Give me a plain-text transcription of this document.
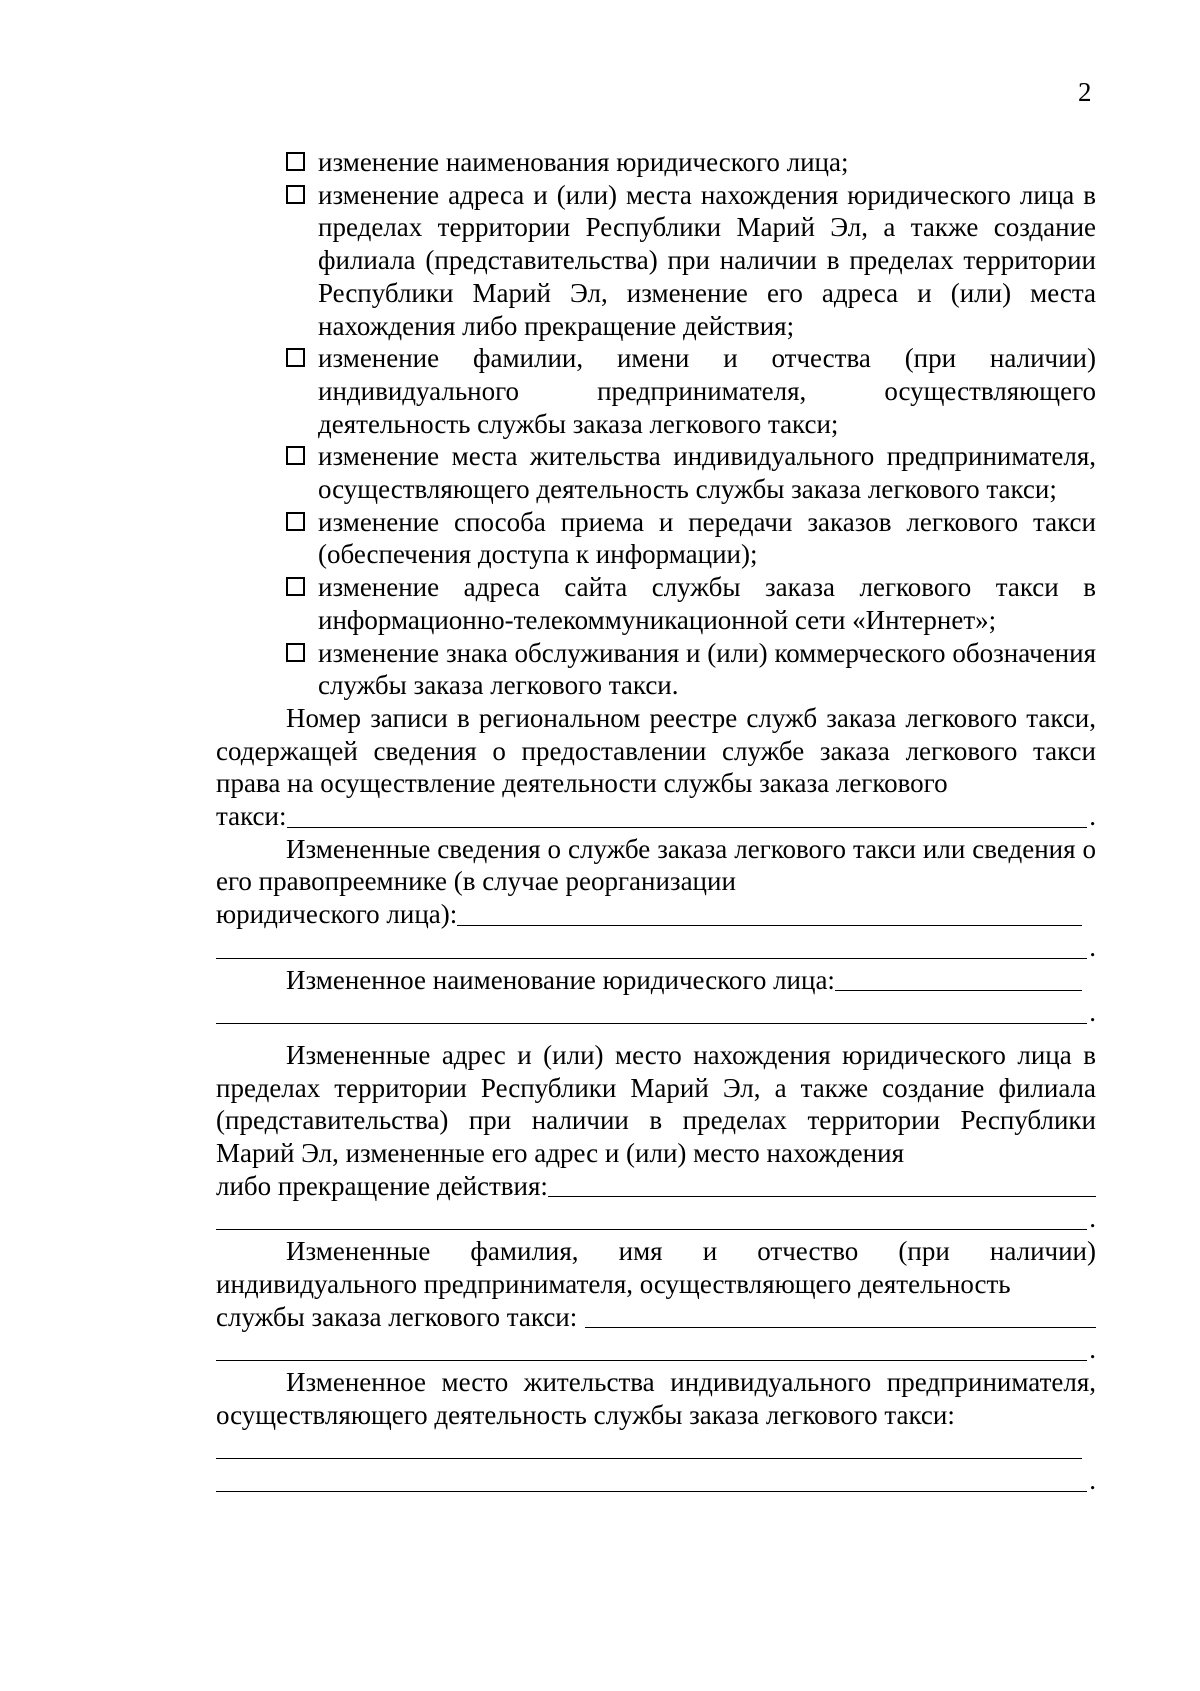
2
изменение наименования юридического лица;
изменение адреса и (или) места нахождения юридического лица в пределах территории Республики Марий Эл, а также создание филиала (представительства) при наличии в пределах территории Республики Марий Эл, изменение его адреса и (или) места нахождения либо прекращение действия;
изменение фамилии, имени и отчества (при наличии) индивидуального предпринимателя, осуществляющего деятельность службы заказа легкового такси;
изменение места жительства индивидуального предпринимателя, осуществляющего деятельность службы заказа легкового такси;
изменение способа приема и передачи заказов легкового такси (обеспечения доступа к информации);
изменение адреса сайта службы заказа легкового такси в информационно-телекоммуникационной сети «Интернет»;
изменение знака обслуживания и (или) коммерческого обозначения службы заказа легкового такси.
Номер записи в региональном реестре служб заказа легкового такси, содержащей сведения о предоставлении службе заказа легкового такси права на осуществление деятельности службы заказа легкового
такси:	.
Измененные сведения о службе заказа легкового такси или сведения о его правопреемнике (в случае реорганизации
юридического лица):
.
Измененное наименование юридического лица:
.
Измененные адрес и (или) место нахождения юридического лица в пределах территории Республики Марий Эл, а также создание филиала (представительства) при наличии в пределах территории Республики Марий Эл, измененные его адрес и (или) место нахождения
либо прекращение действия:
.
Измененные фамилия, имя и отчество (при наличии) индивидуального предпринимателя, осуществляющего деятельность
службы заказа легкового такси:
.
Измененное место жительства индивидуального предпринимателя, осуществляющего деятельность службы заказа легкового такси:
.
